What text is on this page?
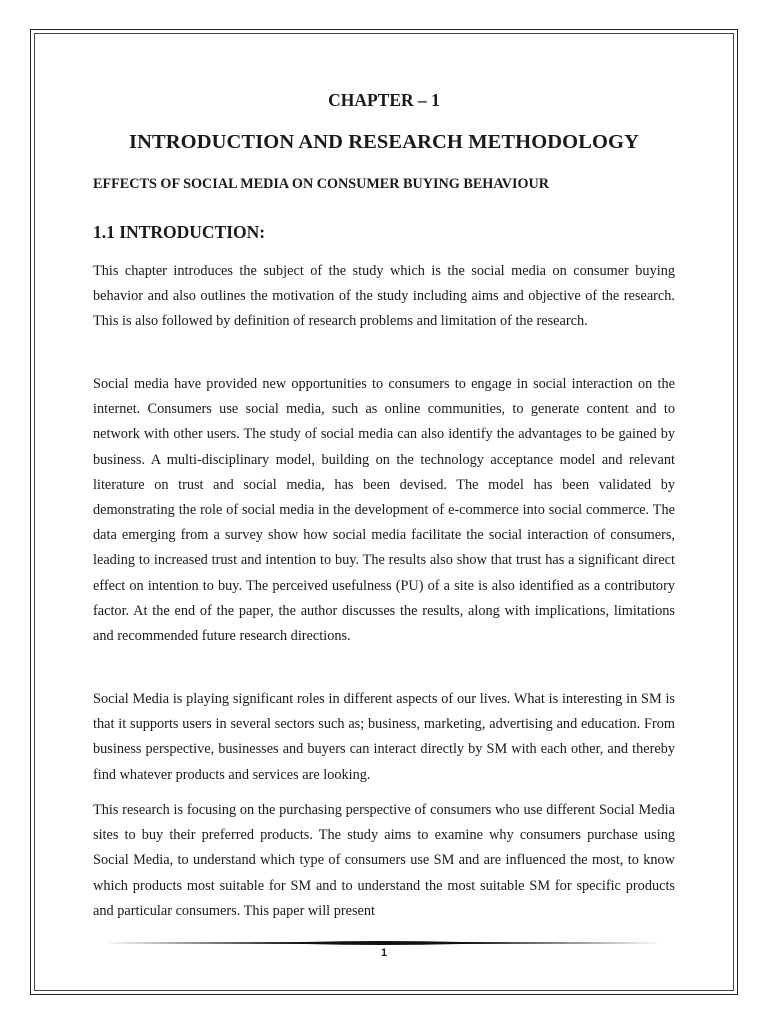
CHAPTER – 1
INTRODUCTION AND RESEARCH METHODOLOGY
EFFECTS OF SOCIAL MEDIA ON CONSUMER BUYING BEHAVIOUR
1.1 INTRODUCTION:

This chapter introduces the subject of the study which is the social media on consumer buying behavior and also outlines the motivation of the study including aims and objective of the research. This is also followed by definition of research problems and limitation of the research.

Social media have provided new opportunities to consumers to engage in social interaction on the internet. Consumers use social media, such as online communities, to generate content and to network with other users. The study of social media can also identify the advantages to be gained by business. A multi-disciplinary model, building on the technology acceptance model and relevant literature on trust and social media, has been devised. The model has been validated by demonstrating the role of social media in the development of e-commerce into social commerce. The data emerging from a survey show how social media facilitate the social interaction of consumers, leading to increased trust and intention to buy. The results also show that trust has a significant direct effect on intention to buy. The perceived usefulness (PU) of a site is also identified as a contributory factor. At the end of the paper, the author discusses the results, along with implications, limitations and recommended future research directions.

Social Media is playing significant roles in different aspects of our lives. What is interesting in SM is that it supports users in several sectors such as; business, marketing, advertising and education. From business perspective, businesses and buyers can interact directly by SM with each other, and thereby find whatever products and services are looking.

This research is focusing on the purchasing perspective of consumers who use different Social Media sites to buy their preferred products. The study aims to examine why consumers purchase using Social Media, to understand which type of consumers use SM and are influenced the most, to know which products most suitable for SM and to understand the most suitable SM for specific products and particular consumers. This paper will present

1
